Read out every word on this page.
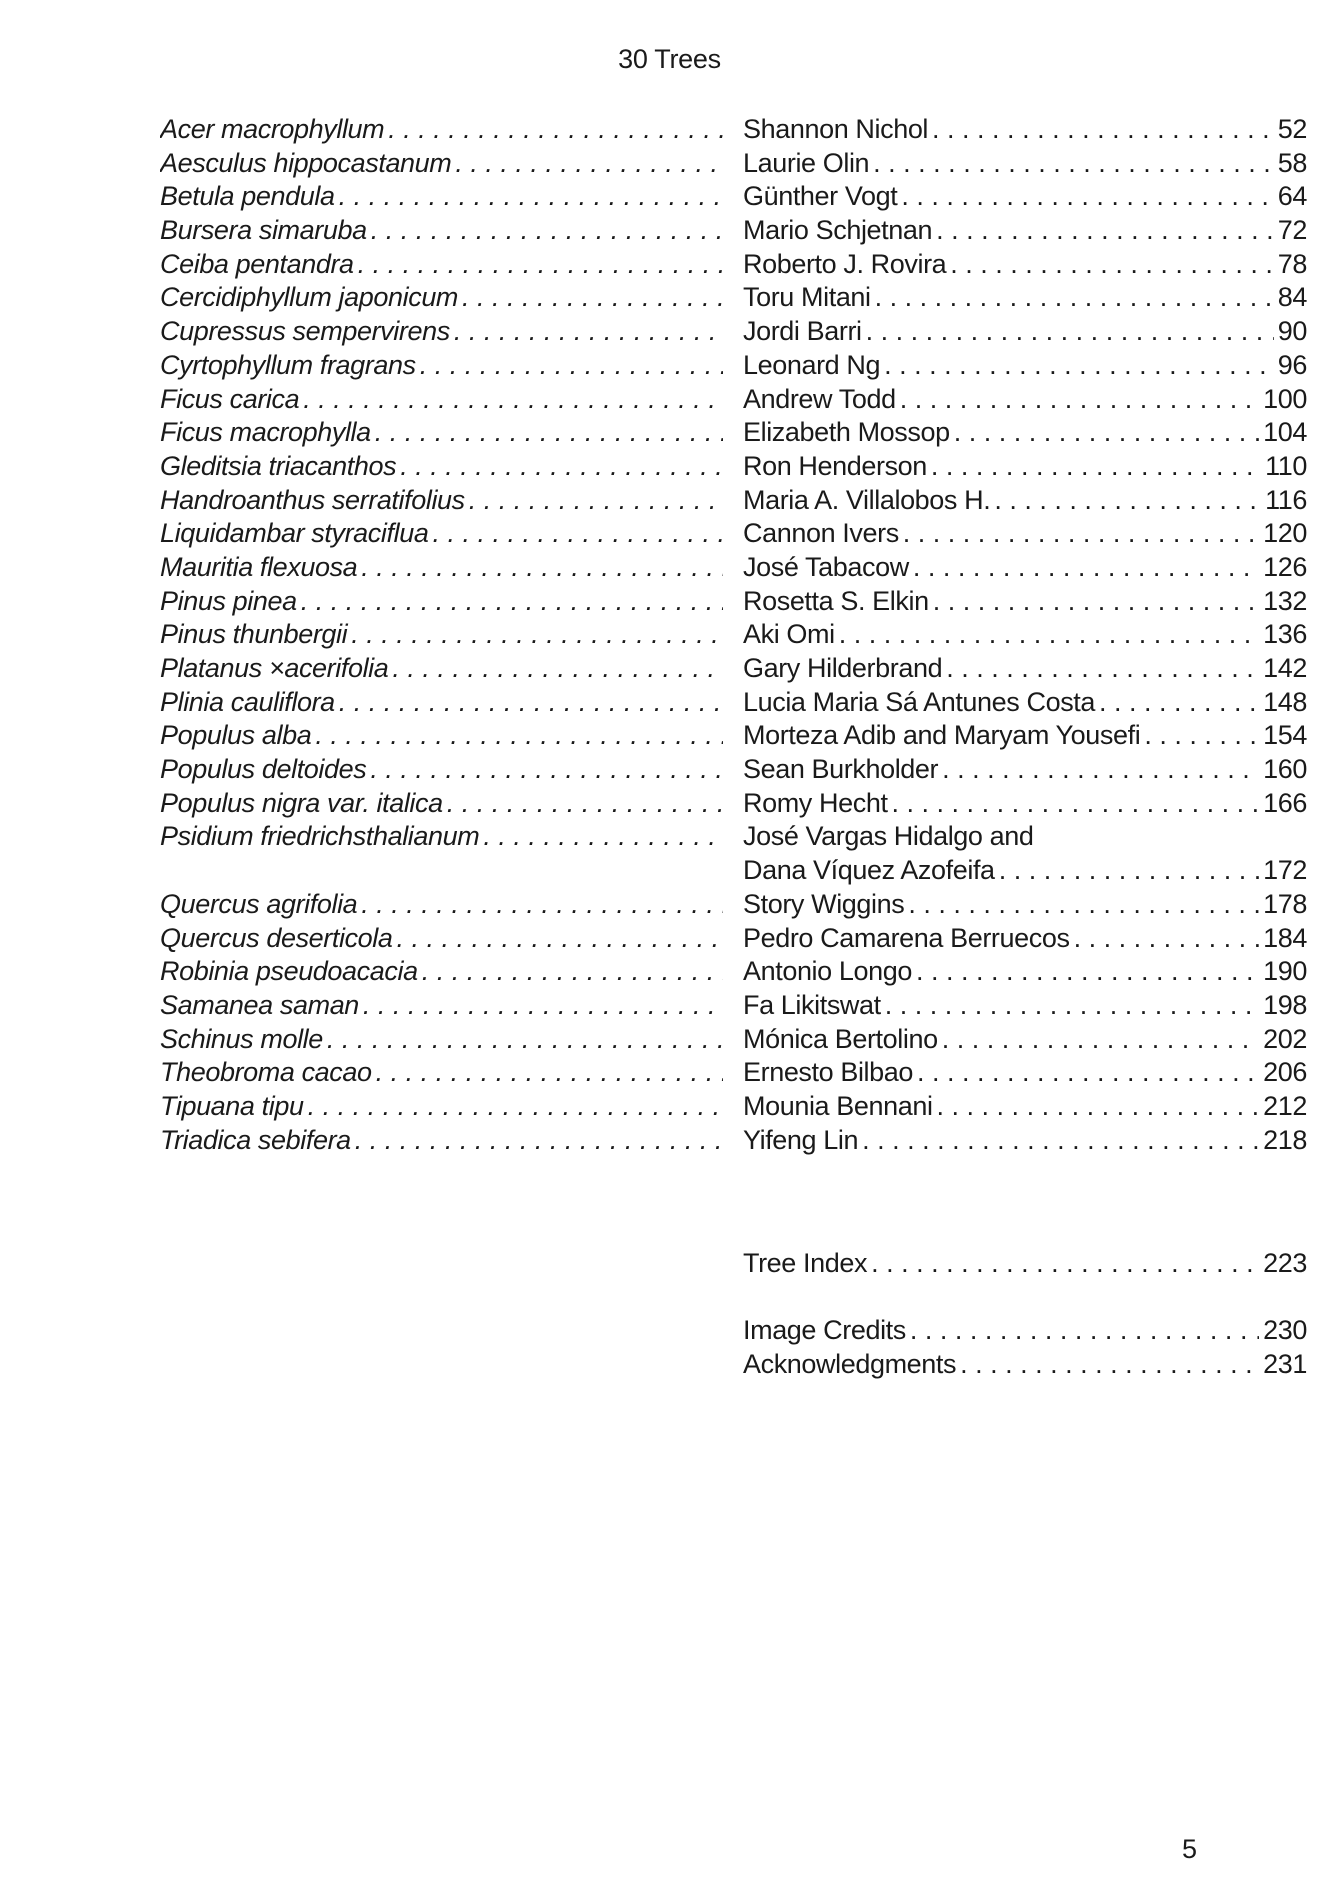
30 Trees
Acer macrophyllum . . .	Shannon Nichol . . .	52
Aesculus hippocastanum . . .	Laurie Olin . . .	58
Betula pendula . . .	Günther Vogt . . .	64
Bursera simaruba . . .	Mario Schjetnan . . .	72
Ceiba pentandra . . .	Roberto J. Rovira . . .	78
Cercidiphyllum japonicum . . .	Toru Mitani . . .	84
Cupressus sempervirens . . .	Jordi Barri . . .	90
Cyrtophyllum fragrans . . .	Leonard Ng . . .	96
Ficus carica . . .	Andrew Todd . . .	100
Ficus macrophylla . . .	Elizabeth Mossop . . .	104
Gleditsia triacanthos . . .	Ron Henderson . . .	110
Handroanthus serratifolius . . .	Maria A. Villalobos H. . . .	116
Liquidambar styraciflua . . .	Cannon Ivers . . .	120
Mauritia flexuosa . . .	José Tabacow . . .	126
Pinus pinea . . .	Rosetta S. Elkin . . .	132
Pinus thunbergii . . .	Aki Omi . . .	136
Platanus ×acerifolia . . .	Gary Hilderbrand . . .	142
Plinia cauliflora . . .	Lucia Maria Sá Antunes Costa . . .	148
Populus alba . . .	Morteza Adib and Maryam Yousefi . . .	154
Populus deltoides . . .	Sean Burkholder . . .	160
Populus nigra var. italica . . .	Romy Hecht . . .	166
Psidium friedrichsthalianum . . .	José Vargas Hidalgo and
Dana Víquez Azofeifa . . .	172
Quercus agrifolia . . .	Story Wiggins . . .	178
Quercus deserticola . . .	Pedro Camarena Berruecos . . .	184
Robinia pseudoacacia . . .	Antonio Longo . . .	190
Samanea saman . . .	Fa Likitswat . . .	198
Schinus molle . . .	Mónica Bertolino . . .	202
Theobroma cacao . . .	Ernesto Bilbao . . .	206
Tipuana tipu . . .	Mounia Bennani . . .	212
Triadica sebifera . . .	Yifeng Lin . . .	218
Tree Index . . .	223
Image Credits . . .	230
Acknowledgments . . .	231
5
